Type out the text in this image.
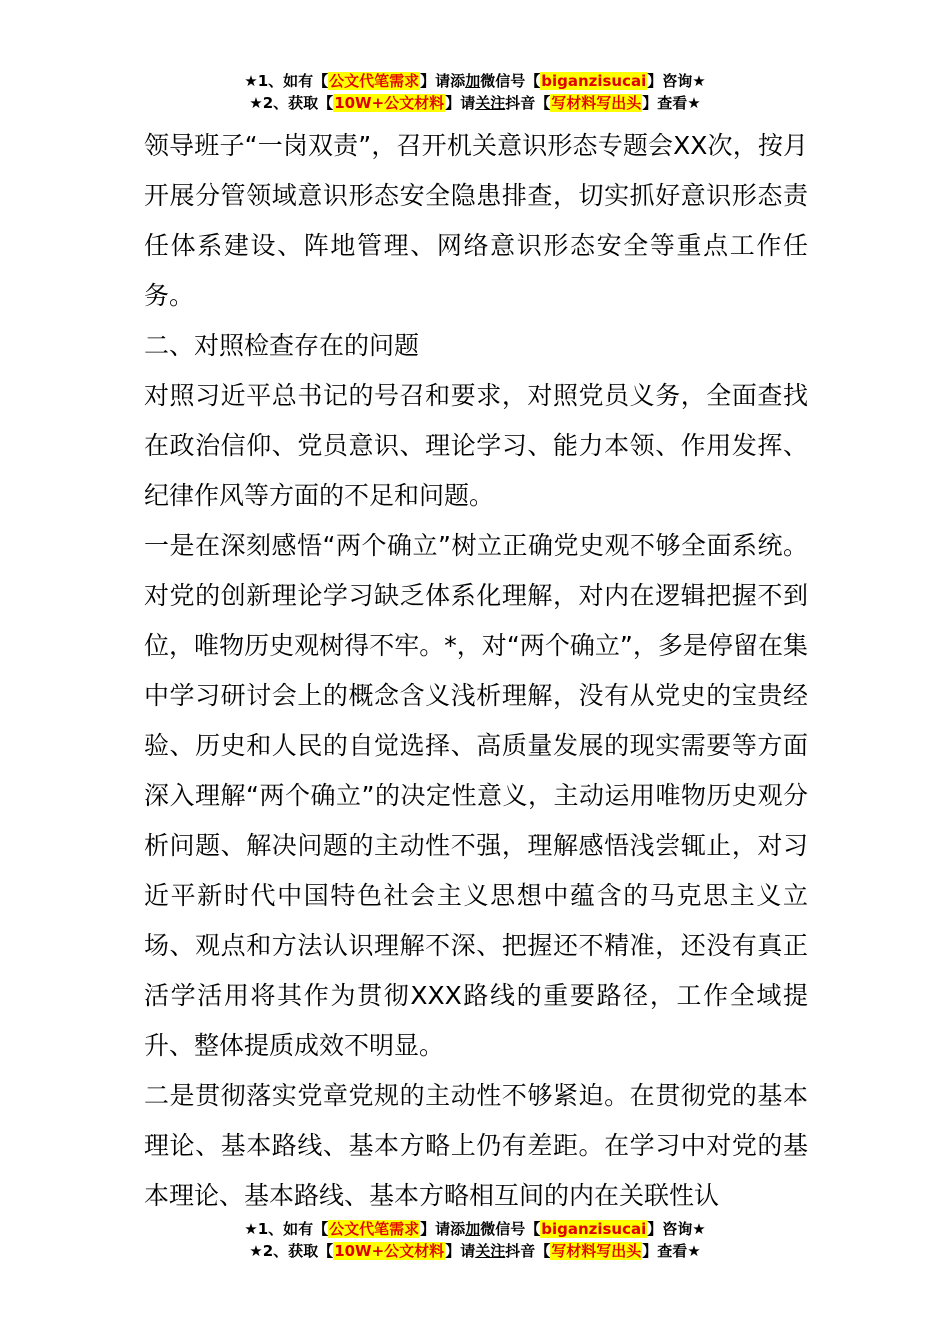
★1、如有【公文代笔需求】请添加微信号【biganzisucai】咨询★
★2、获取【10W+公文材料】请关注抖音【写材料写出头】查看★

领导班子“一岗双责”，召开机关意识形态专题会XX次，按月开展分管领域意识形态安全隐患排查，切实抓好意识形态责任体系建设、阵地管理、网络意识形态安全等重点工作任务。

二、对照检查存在的问题

对照习近平总书记的号召和要求，对照党员义务，全面查找在政治信仰、党员意识、理论学习、能力本领、作用发挥、纪律作风等方面的不足和问题。

一是在深刻感悟“两个确立”树立正确党史观不够全面系统。对党的创新理论学习缺乏体系化理解，对内在逻辑把握不到位，唯物历史观树得不牢。*，对“两个确立”，多是停留在集中学习研讨会上的概念含义浅析理解，没有从党史的宝贵经验、历史和人民的自觉选择、高质量发展的现实需要等方面深入理解“两个确立”的决定性意义，主动运用唯物历史观分析问题、解决问题的主动性不强，理解感悟浅尝辄止，对习近平新时代中国特色社会主义思想中蕴含的马克思主义立场、观点和方法认识理解不深、把握还不精准，还没有真正活学活用将其作为贯彻XXX路线的重要路径，工作全域提升、整体提质成效不明显。

二是贯彻落实党章党规的主动性不够紧迫。在贯彻党的基本理论、基本路线、基本方略上仍有差距。在学习中对党的基本理论、基本路线、基本方略相互间的内在关联性认

★1、如有【公文代笔需求】请添加微信号【biganzisucai】咨询★
★2、获取【10W+公文材料】请关注抖音【写材料写出头】查看★
